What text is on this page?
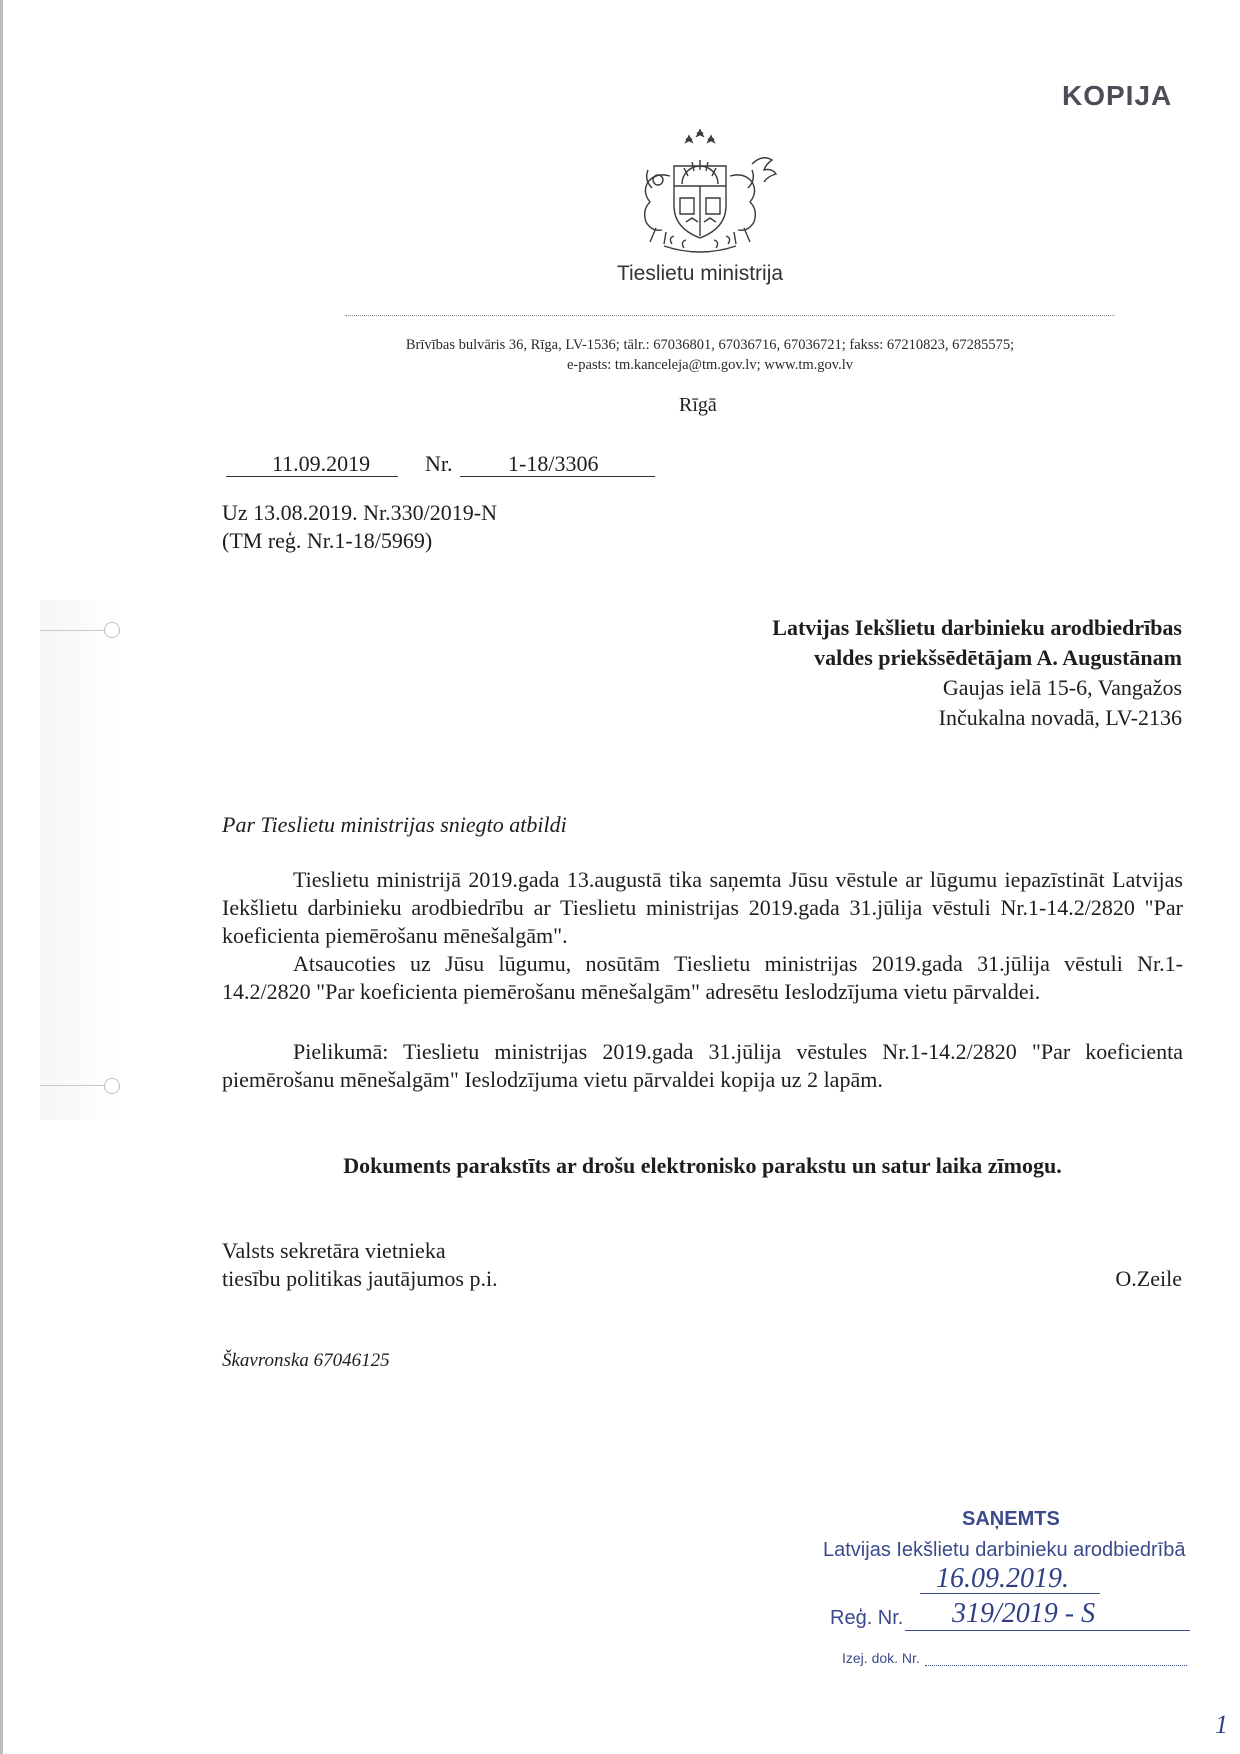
KOPIJA
Tieslietu ministrija
Brīvības bulvāris 36, Rīga, LV-1536; tālr.: 67036801, 67036716, 67036721; fakss: 67210823, 67285575;
e-pasts: tm.kanceleja@tm.gov.lv; www.tm.gov.lv
Rīgā
11.09.2019 Nr.	1-18/3306
Uz 13.08.2019. Nr.330/2019-N
(TM reģ. Nr.1-18/5969)
Latvijas Iekšlietu darbinieku arodbiedrības
valdes priekšsēdētājam A. Augustānam
Gaujas ielā 15-6, Vangažos
Inčukalna novadā, LV-2136
Par Tieslietu ministrijas sniegto atbildi

Tieslietu ministrijā 2019.gada 13.augustā tika saņemta Jūsu vēstule ar lūgumu iepazīstināt Latvijas Iekšlietu darbinieku arodbiedrību ar Tieslietu ministrijas 2019.gada 31.jūlija vēstuli Nr.1-14.2/2820 "Par koeficienta piemērošanu mēnešalgām".

Atsaucoties uz Jūsu lūgumu, nosūtām Tieslietu ministrijas 2019.gada 31.jūlija vēstuli Nr.1-14.2/2820 "Par koeficienta piemērošanu mēnešalgām" adresētu Ieslodzījuma vietu pārvaldei.

Pielikumā: Tieslietu ministrijas 2019.gada 31.jūlija vēstules Nr.1-14.2/2820 "Par koeficienta piemērošanu mēnešalgām" Ieslodzījuma vietu pārvaldei kopija uz 2 lapām.

Dokuments parakstīts ar drošu elektronisko parakstu un satur laika zīmogu.
Valsts sekretāra vietnieka
tiesību politikas jautājumos p.i.	O.Zeile
Škavronska 67046125
SAŅEMTS
Latvijas Iekšlietu darbinieku arodbiedrībā
16.09.2019.
Reģ. Nr. 319/2019 - S
Izej. dok. Nr.
1
